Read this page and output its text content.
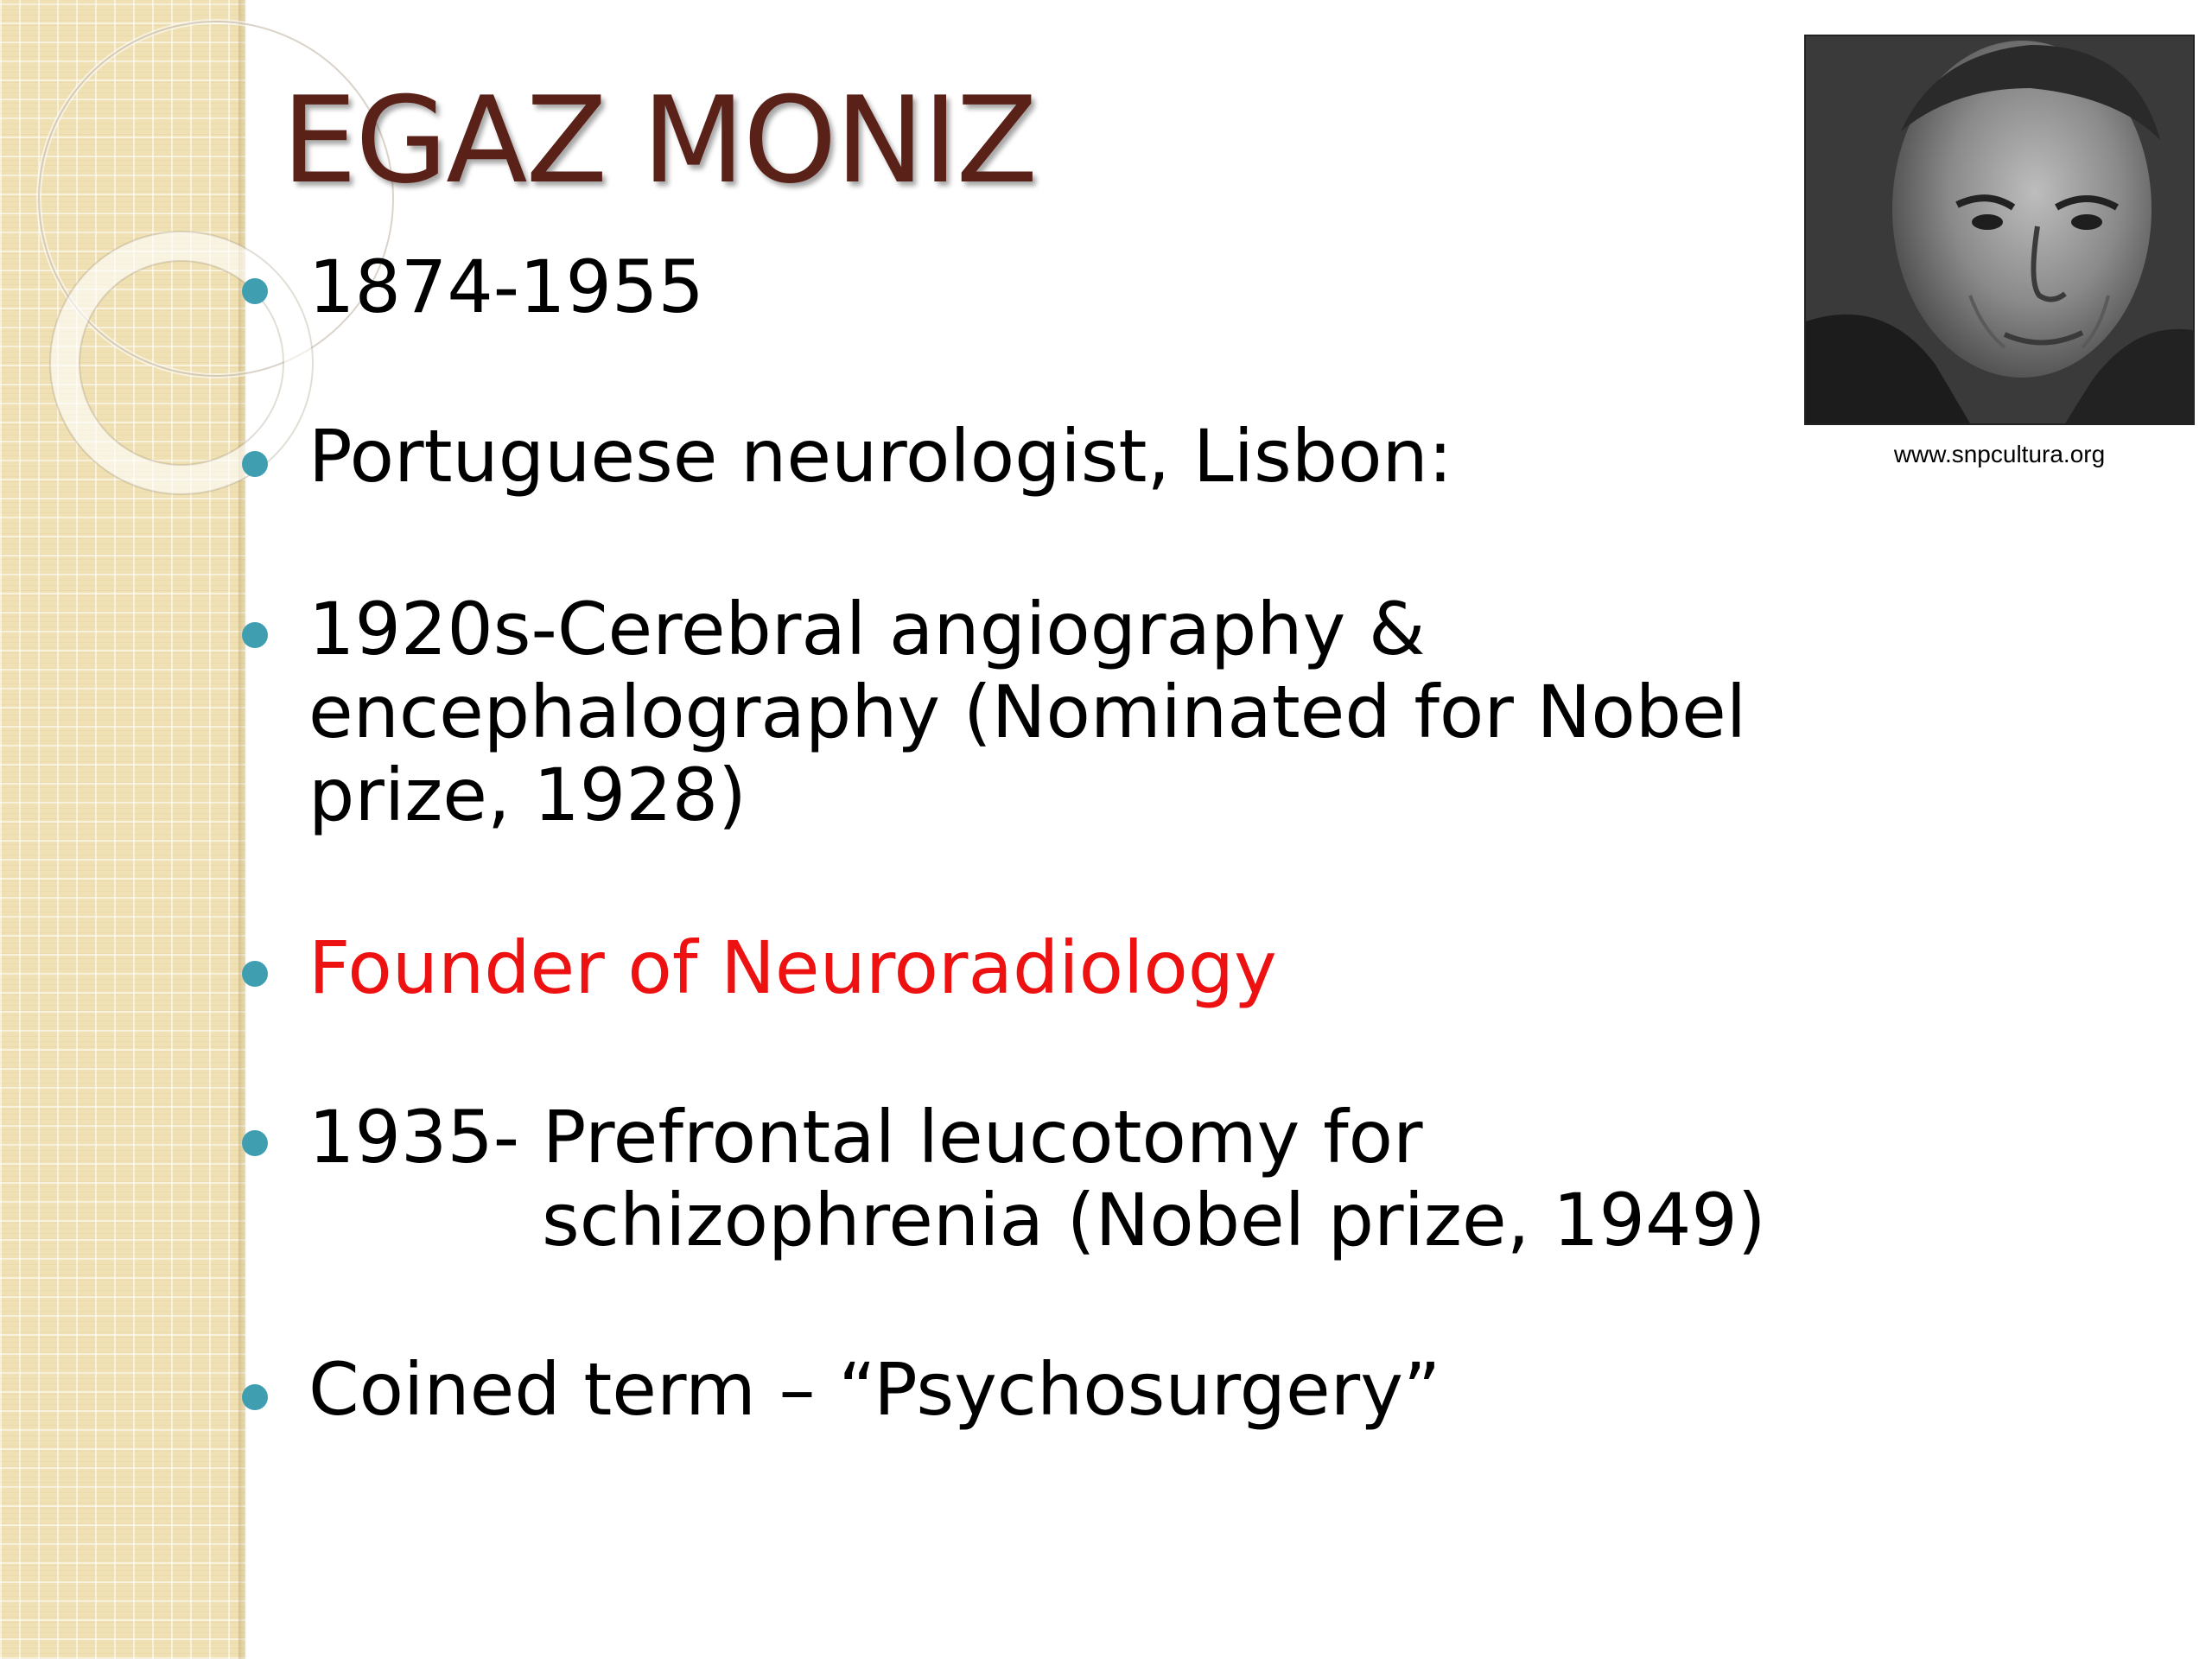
EGAZ MONIZ

1874-1955

Portuguese neurologist, Lisbon:

1920s-Cerebral angiography &
encephalography (Nominated for Nobel
prize, 1928)

Founder of Neuroradiology

1935- Prefrontal leucotomy for
schizophrenia (Nobel prize, 1949)

Coined term – “Psychosurgery”

www.snpcultura.org
